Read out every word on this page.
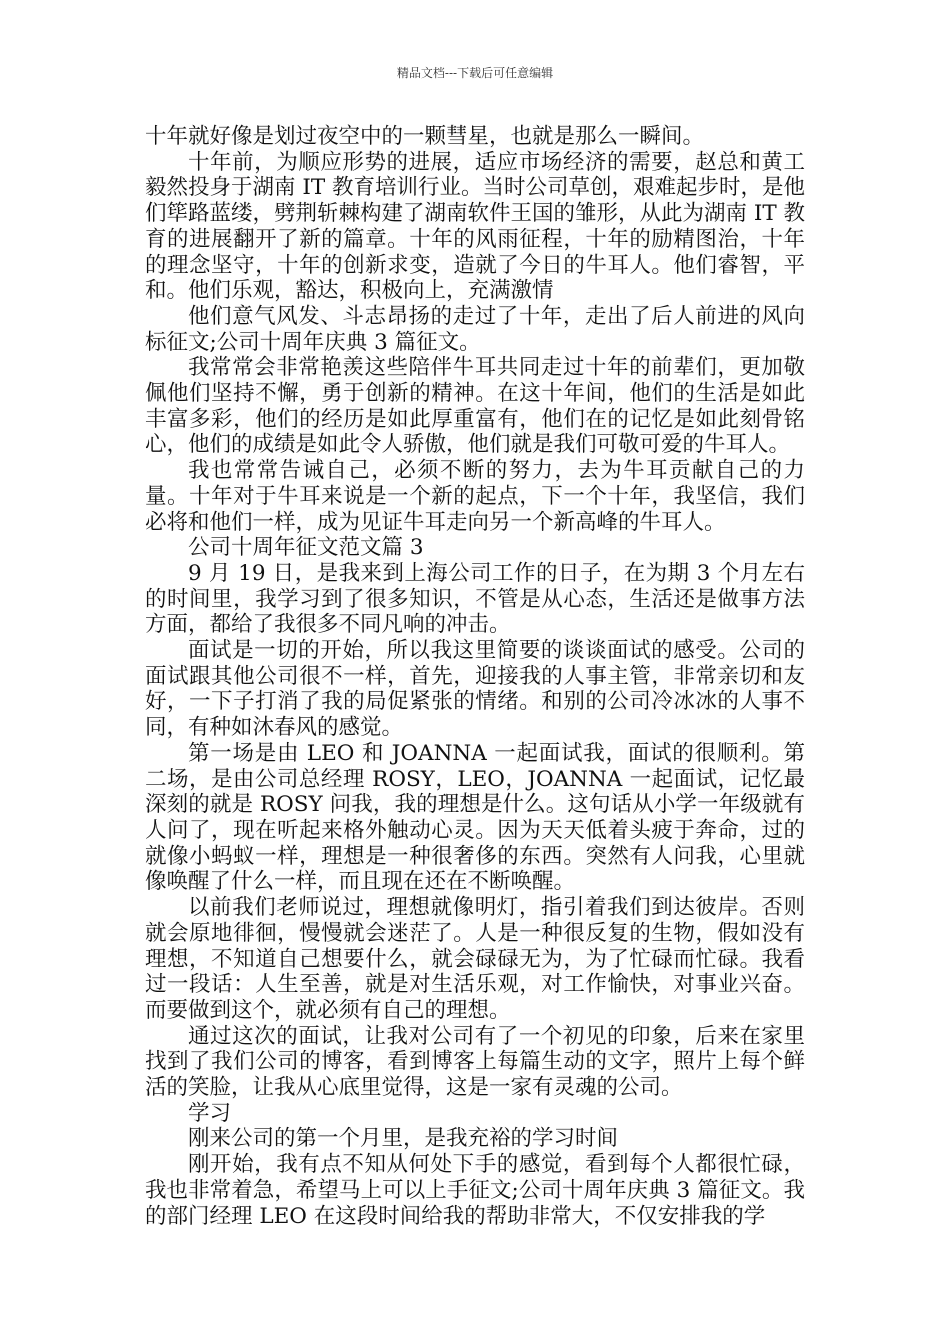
精品文档---下载后可任意编辑

十年就好像是划过夜空中的一颗彗星，也就是那么一瞬间。

十年前，为顺应形势的进展，适应市场经济的需要，赵总和黄工毅然投身于湖南 IT 教育培训行业。当时公司草创，艰难起步时，是他们筚路蓝缕，劈荆斩棘构建了湖南软件王国的雏形，从此为湖南 IT 教育的进展翻开了新的篇章。十年的风雨征程，十年的励精图治，十年的理念坚守，十年的创新求变，造就了今日的牛耳人。他们睿智，平和。他们乐观，豁达，积极向上，充满激情

他们意气风发、斗志昂扬的走过了十年，走出了后人前进的风向标征文;公司十周年庆典 3 篇征文。

我常常会非常艳羡这些陪伴牛耳共同走过十年的前辈们，更加敬佩他们坚持不懈，勇于创新的精神。在这十年间，他们的生活是如此丰富多彩，他们的经历是如此厚重富有，他们在的记忆是如此刻骨铭心，他们的成绩是如此令人骄傲，他们就是我们可敬可爱的牛耳人。

我也常常告诫自己，必须不断的努力，去为牛耳贡献自己的力量。十年对于牛耳来说是一个新的起点，下一个十年，我坚信，我们必将和他们一样，成为见证牛耳走向另一个新高峰的牛耳人。

公司十周年征文范文篇 3

9 月 19 日，是我来到上海公司工作的日子，在为期 3 个月左右的时间里，我学习到了很多知识，不管是从心态，生活还是做事方法方面，都给了我很多不同凡响的冲击。

面试是一切的开始，所以我这里简要的谈谈面试的感受。公司的面试跟其他公司很不一样，首先，迎接我的人事主管，非常亲切和友好，一下子打消了我的局促紧张的情绪。和别的公司冷冰冰的人事不同，有种如沐春风的感觉。

第一场是由 LEO 和 JOANNA 一起面试我，面试的很顺利。第二场，是由公司总经理 ROSY，LEO，JOANNA 一起面试，记忆最深刻的就是 ROSY 问我，我的理想是什么。这句话从小学一年级就有人问了，现在听起来格外触动心灵。因为天天低着头疲于奔命，过的就像小蚂蚁一样，理想是一种很奢侈的东西。突然有人问我，心里就像唤醒了什么一样，而且现在还在不断唤醒。

以前我们老师说过，理想就像明灯，指引着我们到达彼岸。否则就会原地徘徊，慢慢就会迷茫了。人是一种很反复的生物，假如没有理想，不知道自己想要什么，就会碌碌无为，为了忙碌而忙碌。我看过一段话：人生至善，就是对生活乐观，对工作愉快，对事业兴奋。而要做到这个，就必须有自己的理想。

通过这次的面试，让我对公司有了一个初见的印象，后来在家里找到了我们公司的博客，看到博客上每篇生动的文字，照片上每个鲜活的笑脸，让我从心底里觉得，这是一家有灵魂的公司。

学习

刚来公司的第一个月里，是我充裕的学习时间

刚开始，我有点不知从何处下手的感觉，看到每个人都很忙碌，我也非常着急，希望马上可以上手征文;公司十周年庆典 3 篇征文。我的部门经理 LEO 在这段时间给我的帮助非常大，不仅安排我的学
